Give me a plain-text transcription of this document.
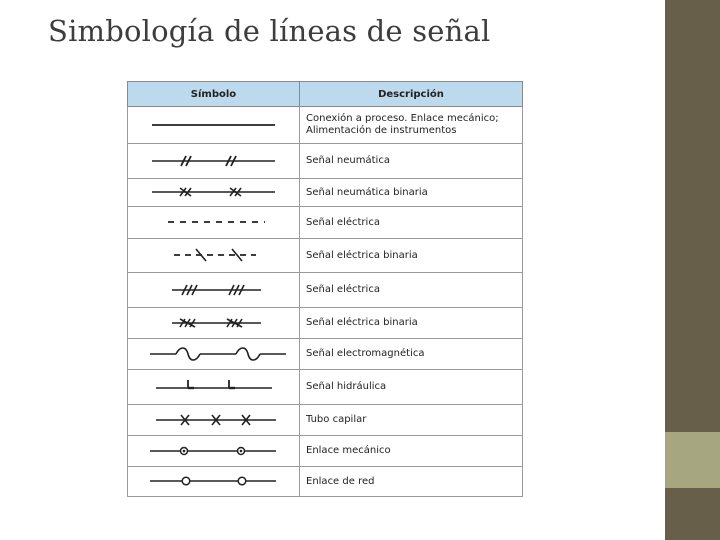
Simbología de líneas de señal
Símbolo	Descripción

	Conexión a proceso. Enlace mecánico; Alimentación de instrumentos

	Señal neumática

	Señal neumática binaria

	Señal eléctrica

	Señal eléctrica binaria

	Señal eléctrica

	Señal eléctrica binaria

	Señal electromagnética

	Señal hidráulica

	Tubo capilar

	Enlace mecánico

	Enlace de red
